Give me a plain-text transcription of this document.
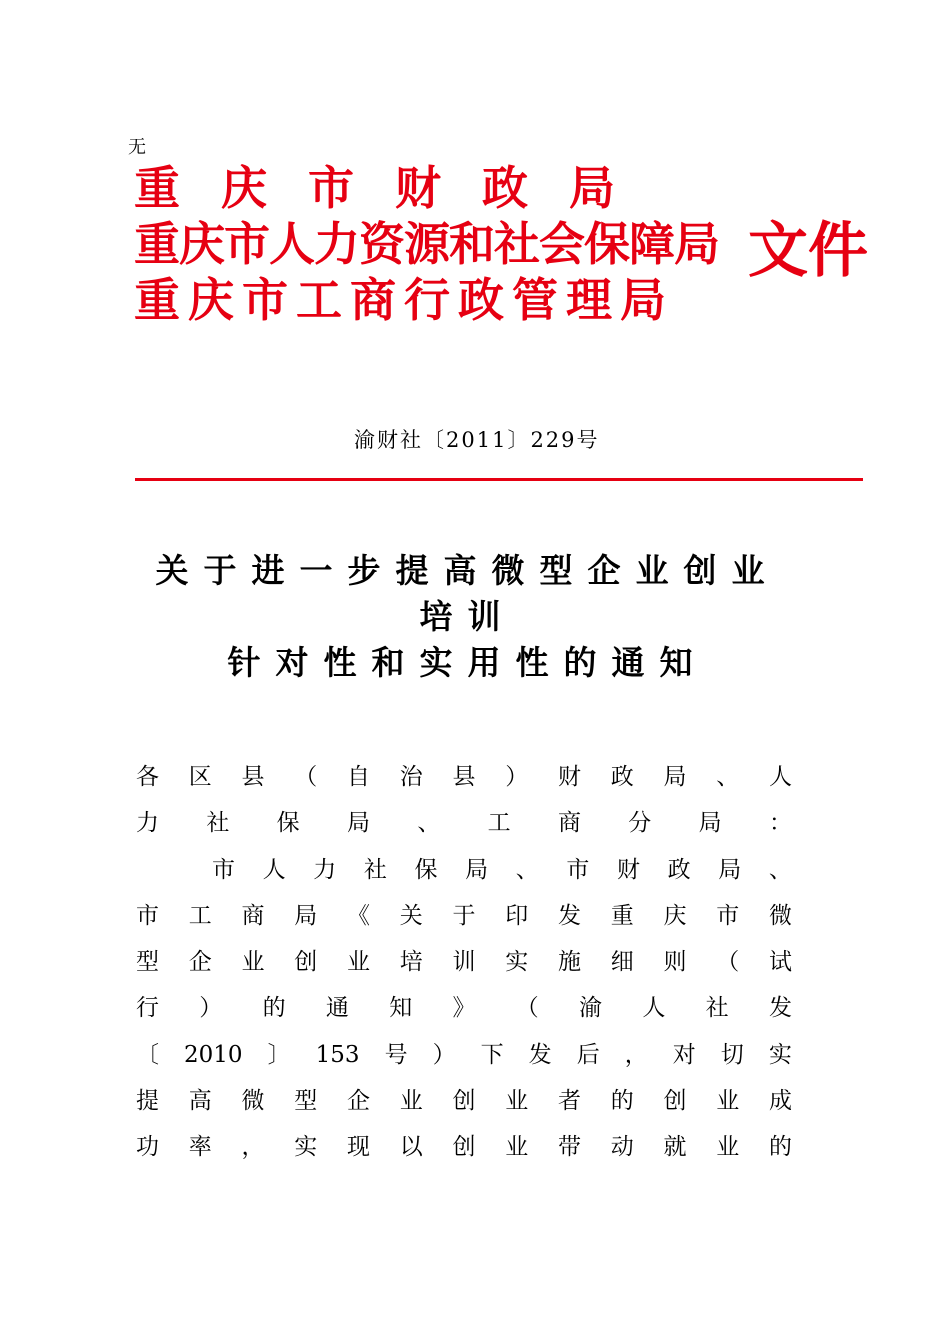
无
重庆市财政局
重庆市人力资源和社会保障局
重庆市工商行政管理局
文件
渝财社〔2011〕229号
关于进一步提高微型企业创业
培训
针对性和实用性的通知
各 区 县 （ 自 治 县 ） 财 政 局 、 人
力 社 保 局 、 工 商 分 局 ：
市 人 力 社 保 局 、 市 财 政 局 、
市 工 商 局 《 关 于 印 发 重 庆 市 微
型 企 业 创 业 培 训 实 施 细 则 （ 试
行 ） 的 通 知 》 （ 渝 人 社 发
〔 2010 〕 153 号 ） 下 发 后 ， 对 切 实
提 高 微 型 企 业 创 业 者 的 创 业 成
功 率 ， 实 现 以 创 业 带 动 就 业 的
